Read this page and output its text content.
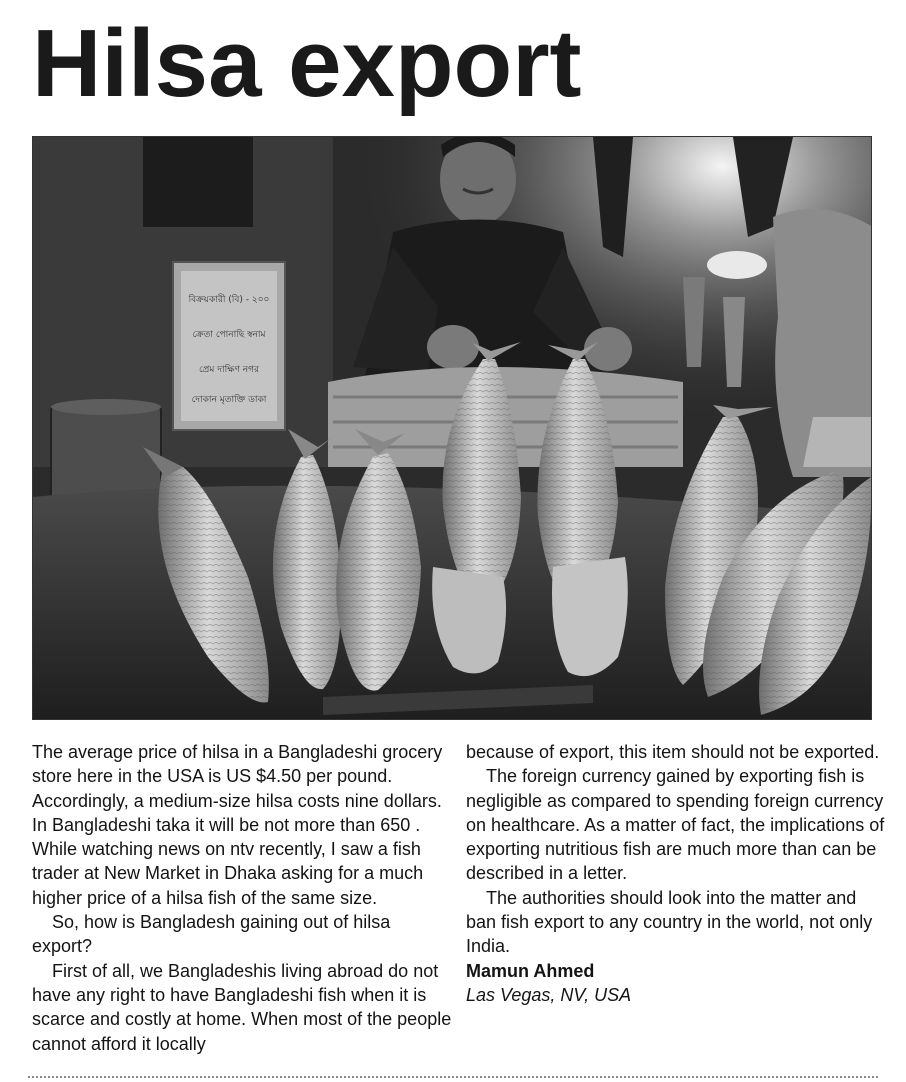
Hilsa export
বিক্রয়কারী (বি) - ২০০
ক্রেতা পোনাছি স্বনাম
প্রেম দাক্ষিণ নগর
দোকান মৃতাক্তি ডাকা

The average price of hilsa in a Bangladeshi grocery store here in the USA is US $4.50 per pound. Accordingly, a medium-size hilsa costs nine dollars. In Bangladeshi taka it will be not more than 650 . While watching news on ntv recently, I saw a fish trader at New Market in Dhaka asking for a much higher price of a hilsa fish of the same size.

So, how is Bangladesh gaining out of hilsa export?

First of all, we Bangladeshis living abroad do not have any right to have Bangladeshi fish when it is scarce and costly at home. When most of the people cannot afford it locally

because of export, this item should not be exported.

The foreign currency gained by exporting fish is negligible as compared to spending foreign currency on healthcare. As a matter of fact, the implications of exporting nutritious fish are much more than can be described in a letter.

The authorities should look into the matter and ban fish export to any country in the world, not only India.

Mamun Ahmed

Las Vegas, NV, USA
